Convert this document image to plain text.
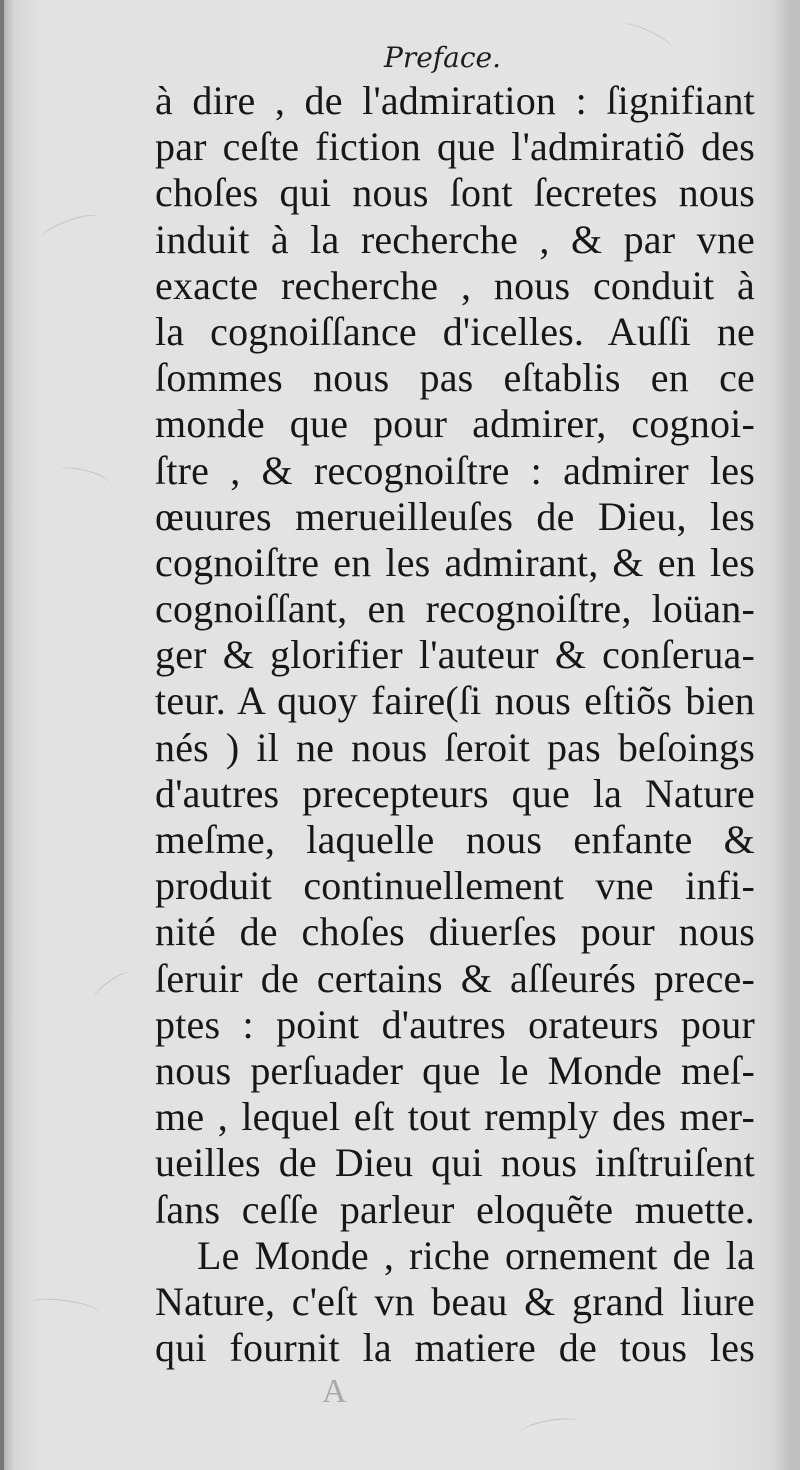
Preface.
à dire , de l'admiration : ſignifiant
par ceſte fiction que l'admiratiõ des
choſes qui nous ſont ſecretes nous
induit à la recherche , & par vne
exacte recherche , nous conduit à
la cognoiſſance d'icelles. Auſſi ne
ſommes nous pas eſtablis en ce
monde que pour admirer, cognoi-
ſtre , & recognoiſtre : admirer les
œuures merueilleuſes de Dieu, les
cognoiſtre en les admirant, & en les
cognoiſſant, en recognoiſtre, loüan-
ger & glorifier l'auteur & conſerua-
teur. A quoy faire(ſi nous eſtiõs bien
nés ) il ne nous ſeroit pas beſoings
d'autres precepteurs que la Nature
meſme, laquelle nous enfante &
produit continuellement vne infi-
nité de choſes diuerſes pour nous
ſeruir de certains & aſſeurés prece-
ptes : point d'autres orateurs pour
nous perſuader que le Monde meſ-
me , lequel eſt tout remply des mer-
ueilles de Dieu qui nous inſtruiſent
ſans ceſſe parleur eloquẽte muette.
Le Monde , riche ornement de la
Nature, c'eſt vn beau & grand liure
qui fournit la matiere de tous les
A
